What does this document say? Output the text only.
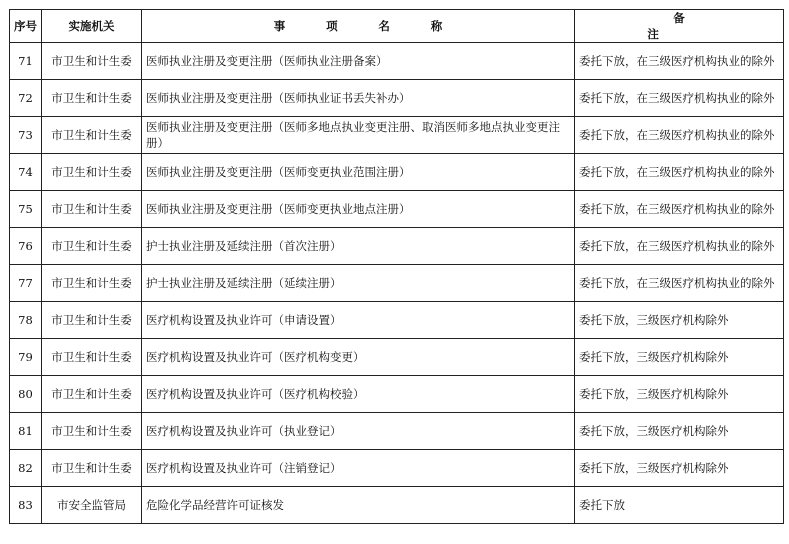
序号	实施机关	事 项 名 称	备 注
71	市卫生和计生委	医师执业注册及变更注册（医师执业注册备案）	委托下放，在三级医疗机构执业的除外
72	市卫生和计生委	医师执业注册及变更注册（医师执业证书丢失补办）	委托下放，在三级医疗机构执业的除外
73	市卫生和计生委	医师执业注册及变更注册（医师多地点执业变更注册、取消医师多地点执业变更注册）	委托下放，在三级医疗机构执业的除外
74	市卫生和计生委	医师执业注册及变更注册（医师变更执业范围注册）	委托下放，在三级医疗机构执业的除外
75	市卫生和计生委	医师执业注册及变更注册（医师变更执业地点注册）	委托下放，在三级医疗机构执业的除外
76	市卫生和计生委	护士执业注册及延续注册（首次注册）	委托下放，在三级医疗机构执业的除外
77	市卫生和计生委	护士执业注册及延续注册（延续注册）	委托下放，在三级医疗机构执业的除外
78	市卫生和计生委	医疗机构设置及执业许可（申请设置）	委托下放，三级医疗机构除外
79	市卫生和计生委	医疗机构设置及执业许可（医疗机构变更）	委托下放，三级医疗机构除外
80	市卫生和计生委	医疗机构设置及执业许可（医疗机构校验）	委托下放，三级医疗机构除外
81	市卫生和计生委	医疗机构设置及执业许可（执业登记）	委托下放，三级医疗机构除外
82	市卫生和计生委	医疗机构设置及执业许可（注销登记）	委托下放，三级医疗机构除外
83	市安全监管局	危险化学品经营许可证核发	委托下放
